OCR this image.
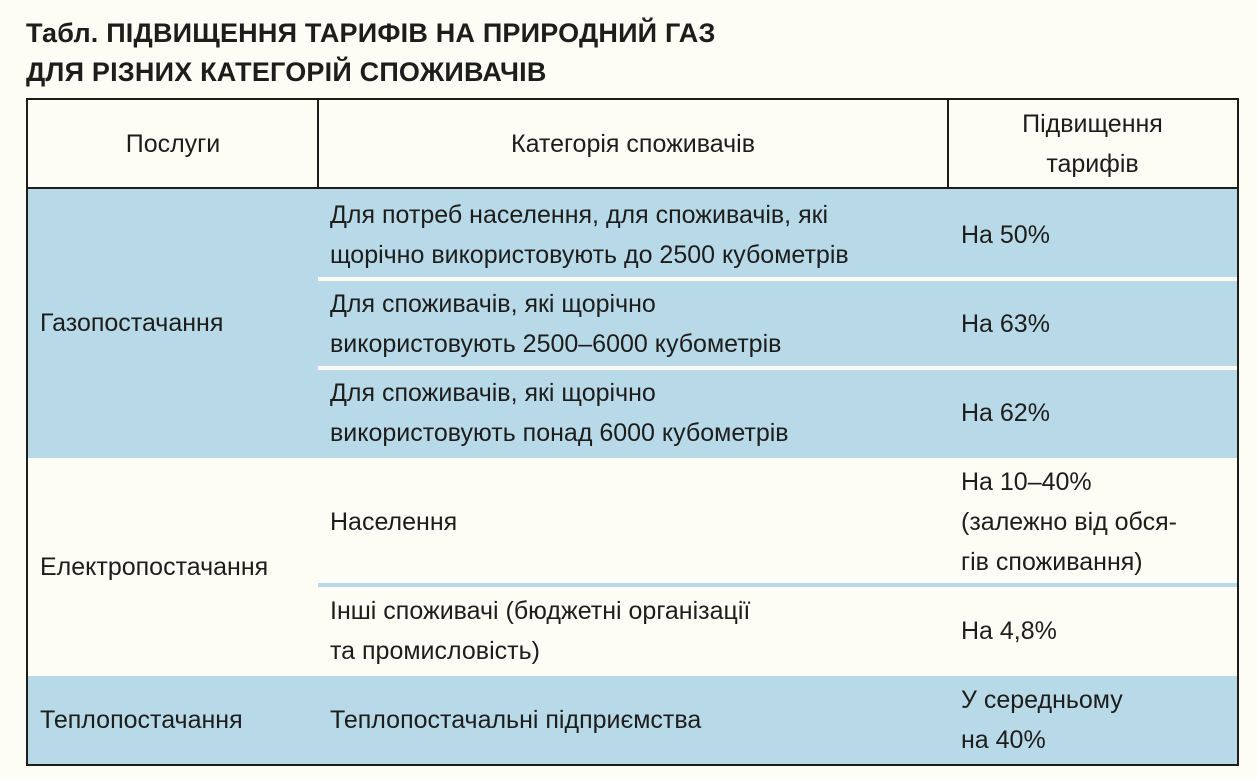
Табл. ПІДВИЩЕННЯ ТАРИФІВ НА ПРИРОДНИЙ ГАЗ
ДЛЯ РІЗНИХ КАТЕГОРІЙ СПОЖИВАЧІВ
Послуги	Категорія споживачів
Підвищення
тарифів
Газопостачання
Для потреб населення, для споживачів, які
щорічно використовують до 2500 кубометрів
На 50%
Для споживачів, які щорічно
використовують 2500–6000 кубометрів
На 63%
Для споживачів, які щорічно
використовують понад 6000 кубометрів
На 62%
Електропостачання
Населення
На 10–40%
(залежно від обся-
гів споживання)
Інші споживачі (бюджетні організації
та промисловість)
На 4,8%
Теплопостачання	Теплопостачальні підприємства
У середньому
на 40%
